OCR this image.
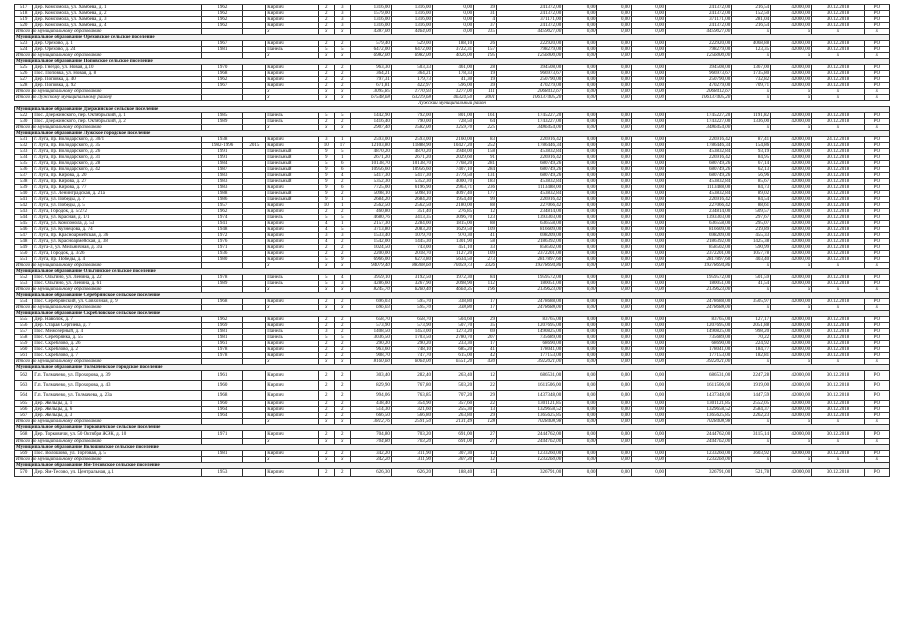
517	Дер. Комсомола, ул. Хомбева, д. 1	1962		Кирпич	2	3	1316,00	1316,00	0,00	39	241372,00	0,00	0,00	0,00	241372,00	216,54	42000,00	30.12.2018	РО
518	Дер. Комсомола, ул. Хомбева, д. 2	1962		Кирпич	2	3	1579,00	1316,00	0,00	31	241372,00	0,00	0,00	0,00	241372,00	152,50	42000,00	30.12.2018	РО
519	Дер. Комсомола, ул. Хомбева, д. 3	1962		Кирпич	2	3	1316,00	1316,00	0,00	4	371171,00	0,00	0,00	0,00	371171,00	281,04	42000,00	30.12.2018	РО
520	Дер. Комсомола, ул. Хомбева, д. 4	1962		Кирпич	2	3	1316,00	1316,00	0,00	37	241372,00	0,00	0,00	0,00	241372,00	216,54	42000,00	30.12.2018	РО
Итого по муниципальному образованию				x	x	x	4387,00	4464,00	0,00	115	4459027,00	0,00	0,00	0,00	4459027,00	x	x	x	x
Муниципальное образование Ореховское сельское поселение																			
523	Дер. Орехово, д. 1	1967		Кирпич	2	2	579,40	529,00	188,10	26	222920,00	0,00	0,00	0,00	222920,00	4068,88	42000,00	30.12.2018	РО
524	Дер. Орехово, д. 24	1981		Панель	5	5	6472,00	6472,00	3722,31	157	798279,00	0,00	0,00	0,00	798279,00	123,35	42000,00	30.12.2018	РО
Итого по муниципальному образованию				x	x	x	6982,00	6982,00	4026,00	195	1256000,00	0,00	0,00	0,00	1256000,00	x	x	x	x
Муниципальное образование Поповское сельское поселение																			
525	Дер. Гнездо, ул. Новая, д.10	1970		Кирпич	2	2	963,30	503,33	461,00	28	394508,00	0,00	0,00	0,00	394508,00	1367,00	42000,00	30.12.2018	РО
526	Пос. Поповка, ул. Новая, д. 8	1968		Кирпич	2	2	364,21	364,21	178,33	19	966973,67	0,00	0,00	0,00	966973,67	1735,80	42000,00	30.12.2018	РО
527	Дер. Поповка, д. 40	1962		Кирпич	2	2	797,31	179,73	41,30	19	250790,00	0,00	0,00	0,00	250790,00	732,82	42000,00	30.12.2018	РО
528	Дер. Поповка, д. 92	1967		Кирпич	2	2	671,81	422,97	596,00	39	470279,00	0,00	0,00	0,00	470279,00	709,71	42000,00	30.12.2018	РО
Итого по муниципальному образованию				x	x	x	3095,85	1770,93	1277,00	111	2068412,67	0,00	0,00	0,00	2068412,67	x	x	x	x
Итого по Лужскому муниципальному району				x	x	x	67548,68	63219,68	46324,50	3001	106137405,20	0,00	0,00	0,00	106137405,20	x	x	x	x
Лужский муниципальный район																			
Муниципальное образование Дзержинское сельское поселение																			
522	Пос. Дзержинского, пер. Октябрьский, д. 1	1985		Панель	5	5	1442,90	792,00	801,00	161	1745227,20	0,00	0,00	0,00	1745227,20	1191,82	42000,00	30.12.2018	РО
530	Пос. Дзержинского, пер. Октябрьский, д. 2	1989		Панель	2	2	1416,40	790,00	728,50	64	1743227,00	0,00	0,00	0,00	1743227,00	1336,00	42000,00	30.12.2018	РО
Итого по муниципальному образованию				x	x	x	2907,40	1582,00	1259,70	225	3486454,00	0,00	0,00	0,00	3486454,00	x	x	x	x
Муниципальное образование Лужское городское поселение																			
531	г. Луга, пр. Володарского, д. 30/1	1938		Кирпич	3	1	2593,00	2593,00	2160,00	83	226916,42	0,00	0,00	0,00	226916,42	87,41	42000,00	24.12.2018	РО
532	г. Луга, пр. Володарского, д. 35	1982-1996	2015	Кирпич	10	17	12103,80	11888,90	10427,20	252	1786446,34	0,00	0,00	0,00	1786446,34	154,86	42000,00	30.12.2018	РО
533	г. Луга, пр. Володарского, д. 26	1991		Панельный	9	5	4870,20	4870,20	3948,00	158	453832,84	0,00	0,00	0,00	453832,84	93,19	42000,00	30.12.2018	РО
534	г. Луга, пр. Володарского, д. 31	1991		Панельный	9	1	2671,20	2671,20	2029,60	91	226916,42	0,00	0,00	0,00	226916,42	84,95	42000,00	30.12.2018	РО
535	г. Луга, пр. Володарского, д. 28	1984		Панельный	5	6	10138,70	10138,70	7768,20	281	680749,26	0,00	0,00	0,00	680749,26	67,14	42000,00	30.12.2018	РО
536	г. Луга, пр. Володарского, д. 42	1987		Панельный	9	6	10956,60	10956,60	7407,10	284	680749,26	0,00	0,00	0,00	680749,26	62,13	42000,00	30.12.2018	РО
537	г. Луга, пр. Кирова, д. 20	1983		Панельный	9	4	5417,30	5417,30	3779,50	131	680749,26	0,00	0,00	0,00	680749,26	56,96	42000,00	30.12.2018	РО
538	г. Луга, пр. Кирова, д. 27	1983		Панельный	9	2	5352,30	5352,30	4000,70	183	453832,84	0,00	0,00	0,00	453832,84	85,67	42000,00	30.12.2018	РО
539	г. Луга, пр. Кирова, д. 77	1983		Кирпич	9	6	7725,00	6196,90	2963,71	236	1113488,00	0,00	0,00	0,00	1113488,00	84,73	42000,00	30.12.2018	РО
540	г. Луга, ул. Ленинградская, д. 21а	1988		Панельный	9	2	5098,10	5098,10	4097,40	177	453832,84	0,00	0,00	0,00	453832,84	89,02	42000,00	30.12.2018	РО
541	г. Луга, ул. Победы, д. 7	1986		Панельный	9	1	2684,20	2684,20	1954,40	99	226916,42	0,00	0,00	0,00	226916,42	84,54	42000,00	30.12.2018	РО
542	г. Луга, ул. Победы, д. 5	1957		Кирпич	10	1	2562,50	2562,50	2180,00	88	227066,42	0,00	0,00	0,00	227066,42	88,61	42000,00	30.12.2018	РО
543	г. Луга, Городок, д. 5/272	1962		Кирпич	2	2	460,80	351,40	276,85	12	234814,00	0,00	0,00	0,00	234814,00	509,57	42000,00	30.12.2018	РО
544	г. Луга, ул. Красная, д. 1/1	1974		Панель	5	5	4680,76	3413,35	3096,70	123	1393303,00	0,00	0,00	0,00	1393303,00	297,67	42000,00	30.12.2018	РО
545	г. Луга, ул. Комсомола, д. 53	1941		Кирпич	4	1	2157,30	2284,00	1815,00	88	636558,00	0,00	0,00	0,00	636558,00	295,07	42000,00	30.12.2018	РО
546	г. Луга, ул. Кузнецова, д. 74	1948		Кирпич	4	5	3713,80	2083,20	1629,50	109	816609,00	0,00	0,00	0,00	816609,00	219,89	42000,00	30.12.2018	РО
547	г. Луга, пр. Красноармейская, д. 36	1972		Кирпич	3	3	1533,40	1079,70	970,30	41	698209,00	0,00	0,00	0,00	698209,00	455,33	42000,00	30.12.2018	РО
548	г. Луга, ул. Красноармейская, д. 38	1976		Кирпич	4	2	1542,00	1445,30	1301,90	58	2186392,00	0,00	0,00	0,00	2186392,00	1425,38	42000,00	30.12.2018	РО
549	г. Луга-3, ул. Мельничная, д. 3/а	1971		Кирпич	2	2	1024,50	743,00	451,10	33	858502,00	0,00	0,00	0,00	858502,00	590,99	42000,00	30.12.2018	РО
550	г. Луга, Городок, д. 3/26	1936		Кирпич	2	2	2200,00	2018,70	1127,20	109	2372201,00	0,00	0,00	0,00	2372201,00	1057,78	42000,00	30.12.2018	РО
551	г. Луга, пр. Победы, д. 4	1980		Кирпич	5	9	6966,00	6273,80	5634,50	273	2817897,60	0,00	0,00	0,00	2817897,60	403,40	42000,00	30.12.2018	РО
Итого по муниципальному образованию				x	x	x	94079,40	88308,60	70459,73	3326	19378694,86	0,00	0,00	0,00	19378694,86	x	x	x	x
Муниципальное образование Ольгинское сельское поселение																			
552	Пос. Ольгино, ул. Ленина, д. 22	1978		Панель	5	4	3959,10	3192,50	1972,30	84	1959572,00	0,00	0,00	0,00	1959572,00	501,59	42000,00	30.12.2018	РО
553	Пос. Ольгино, ул. Ленина, д. 61	1989		Панель	5	3	4286,60	3267,90	2098,90	112	180051,00	0,00	0,00	0,00	180051,00	41,54	42000,00	30.12.2018	РО
Итого по муниципальному образованию				x	x	x	8245,70	6260,40	4664,35	196	2139623,00	0,00	0,00	0,00	2139623,00	x	x	x	x
Муниципальное образование Серебрянское сельское поселение																			
554	Пос. Серебрянский, ул. Совхозная, д. 9	1968		Кирпич	2	2	696,03	595,70	338,80	17	2478688,00	0,00	0,00	0,00	2478688,00	3505,97	42000,00	30.12.2018	РО
Итого по муниципальному образованию				x	x	x	696,03	595,70	338,80	17	2478688,00	0,00	0,00	0,00	2478688,00	x	x	x	x
Муниципальное образование Скребловское сельское поселение																			
555	Дер. Наволок, д. 7	1962		Кирпич	2	2	658,70	658,70	504,60	29	83765,00	0,00	0,00	0,00	83765,00	127,17	42000,00	30.12.2018	РО
556	Дер. Старая Сергиева, д. 7	1969		Кирпич	2	2	573,90	573,90	507,70	35	1207695,00	0,00	0,00	0,00	1207695,00	2051,88	42000,00	30.12.2018	РО
557	Пос. Межозерный, д. 4	1981		Панель	3	2	1408,50	1453,00	1273,20	69	1490825,00	0,00	0,00	0,00	1490825,00	998,20	42000,00	30.12.2018	РО
558	Пос. Серебрянка, д. 55	1981		Панель	5	5	3036,50	1703,50	2780,70	207	735689,00	0,00	0,00	0,00	735689,00	70,22	42000,00	30.12.2018	РО
559	Пос. Скреблово, д. 26	1961		Кирпич	2	2	290,20	290,20	233,30	17	68690,00	0,00	0,00	0,00	68690,00	224,92	42000,00	30.12.2018	РО
560	Пос. Скреблово, д. 2	1978		Кирпич	2	2	963,60	748,10	685,20	41	178041,00	0,00	0,00	0,00	178041,00	184,77	42000,00	30.12.2018	РО
561	Пос. Скреблово, д. 7	1978		Кирпич	2	2	908,70	747,70	615,00	42	177153,00	0,00	0,00	0,00	177153,00	182,81	42000,00	30.12.2018	РО
Итого по муниципальному образованию				x	x	x	8160,60	6064,00	6551,20	430	3922021,00	0,00	0,00	0,00	3922021,00	x	x	x	x
Муниципальное образование Толмачевское городское поселение																			
562	Г.п. Толмачево, ул. Прохорова, д. 39	1961		Кирпич	2	2	303,40	282,40	263,40	12	686531,00	0,00	0,00	0,00	686531,00	2247,28	42000,00	30.12.2018	РО
563	Г.п. Толмачево, ул. Прохорова, д. 43	1960		Кирпич	2	2	829,90	767,80	503,20	22	1611506,00	0,00	0,00	0,00	1611506,00	1919,00	42000,00	30.12.2018	РО
564	Г.п. Толмачево, ул. Толмачева, д. 23а	1968		Кирпич	2	2	994,06	763,85	707,20	29	1437348,00	0,00	0,00	0,00	1437348,00	1447,59	42000,00	30.12.2018	РО
565	Дер. Жельцы, д. 1	1960		Кирпич	2	2	438,40	354,90	357,60	22	1301121,85	0,00	0,00	0,00	1301121,85	2552,05	42000,00	30.12.2018	РО
566	Дер. Жельцы, д. 6	1964		Кирпич	2	2	514,30	321,60	255,30	13	1329658,52	0,00	0,00	0,00	1329658,52	2584,37	42000,00	30.12.2018	РО
567	Дер. Жельцы, д. 3	1964		Кирпич	2	2	666,50	566,80	263,80	29	1365625,85	0,00	0,00	0,00	1365625,85	2262,23	42000,00	30.12.2018	РО
Итого по муниципальному образованию				x	x	x	3812,76	2591,50	2131,49	128	7028408,98	0,00	0,00	0,00	7028408,98	x	x	x	x
Муниципальное образование Торковичское сельское поселение																			
568	Дер. Торковичи, ул. 50 Октября ЖЭК, д. 10	1971		Кирпич	2	2	704,80	703,20	691,00	27	2444762,00	0,00	0,00	0,00	2444762,00	3115,14	42000,00	30.12.2018	РО
Итого по муниципальному образованию				x	x	x	704,80	703,20	691,00	27	2444762,00	0,00	0,00	0,00	2444762,00	x	x	x	x
Муниципальное образование Волошовское сельское поселение																			
569	Пос. Волошово, ул. Торговая, д. 5	1981		Кирпич	2	2	342,20	311,90	307,30	12	1233260,00	0,00	0,00	0,00	1233260,00	3603,92	42000,00	30.12.2018	РО
Итого по муниципальному образованию				x	x	x	342,20	311,90	307,30	12	1233260,00	0,00	0,00	0,00	1233260,00	x	x	x	x
Муниципальное образование Ям-Тесовское сельское поселение																			
570	Дер. Ям-Тесово, ул. Центральная, д.1	1953		Кирпич	2	2	626,30	626,20	188,40	15	326791,00	0,00	0,00	0,00	326791,00	521,78	42000,00	30.12.2018	РО
